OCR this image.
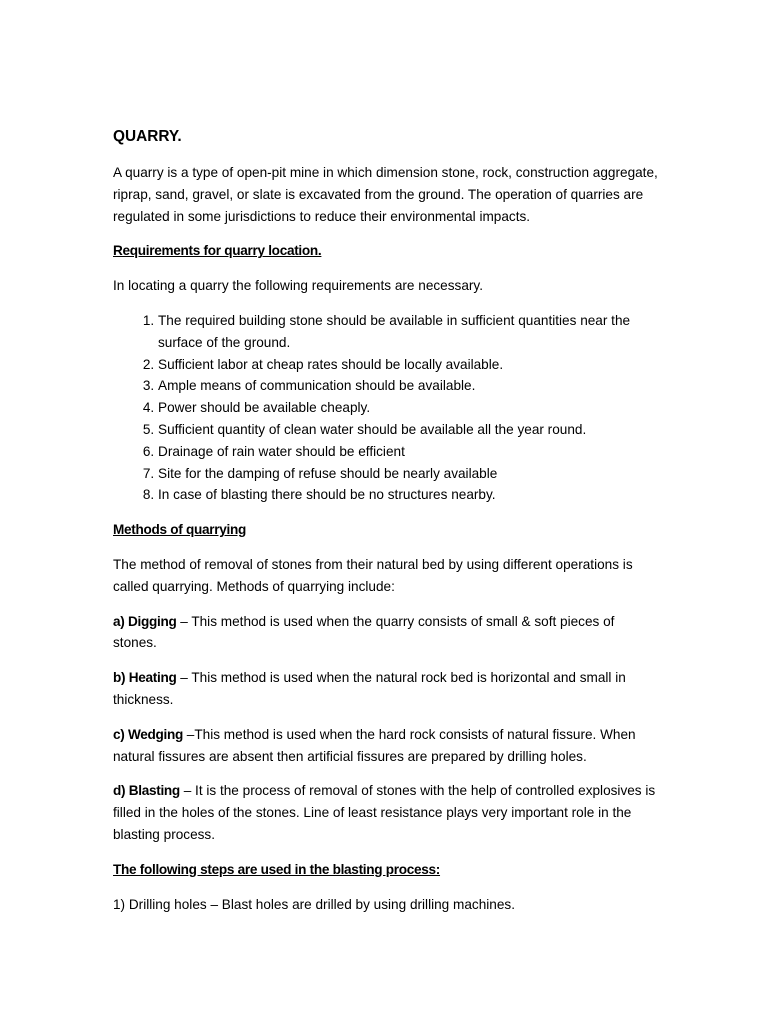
QUARRY.

A quarry is a type of open-pit mine in which dimension stone, rock, construction aggregate, riprap, sand, gravel, or slate is excavated from the ground. The operation of quarries are regulated in some jurisdictions to reduce their environmental impacts.

Requirements for quarry location.

In locating a quarry the following requirements are necessary.

1. The required building stone should be available in sufficient quantities near the surface of the ground.
2. Sufficient labor at cheap rates should be locally available.
3. Ample means of communication should be available.
4. Power should be available cheaply.
5. Sufficient quantity of clean water should be available all the year round.
6. Drainage of rain water should be efficient
7. Site for the damping of refuse should be nearly available
8. In case of blasting there should be no structures nearby.
Methods of quarrying

The method of removal of stones from their natural bed by using different operations is called quarrying. Methods of quarrying include:

a) Digging – This method is used when the quarry consists of small & soft pieces of stones.

b) Heating – This method is used when the natural rock bed is horizontal and small in thickness.

c) Wedging –This method is used when the hard rock consists of natural fissure. When natural fissures are absent then artificial fissures are prepared by drilling holes.

d) Blasting – It is the process of removal of stones with the help of controlled explosives is filled in the holes of the stones. Line of least resistance plays very important role in the blasting process.

The following steps are used in the blasting process:

1) Drilling holes – Blast holes are drilled by using drilling machines.
